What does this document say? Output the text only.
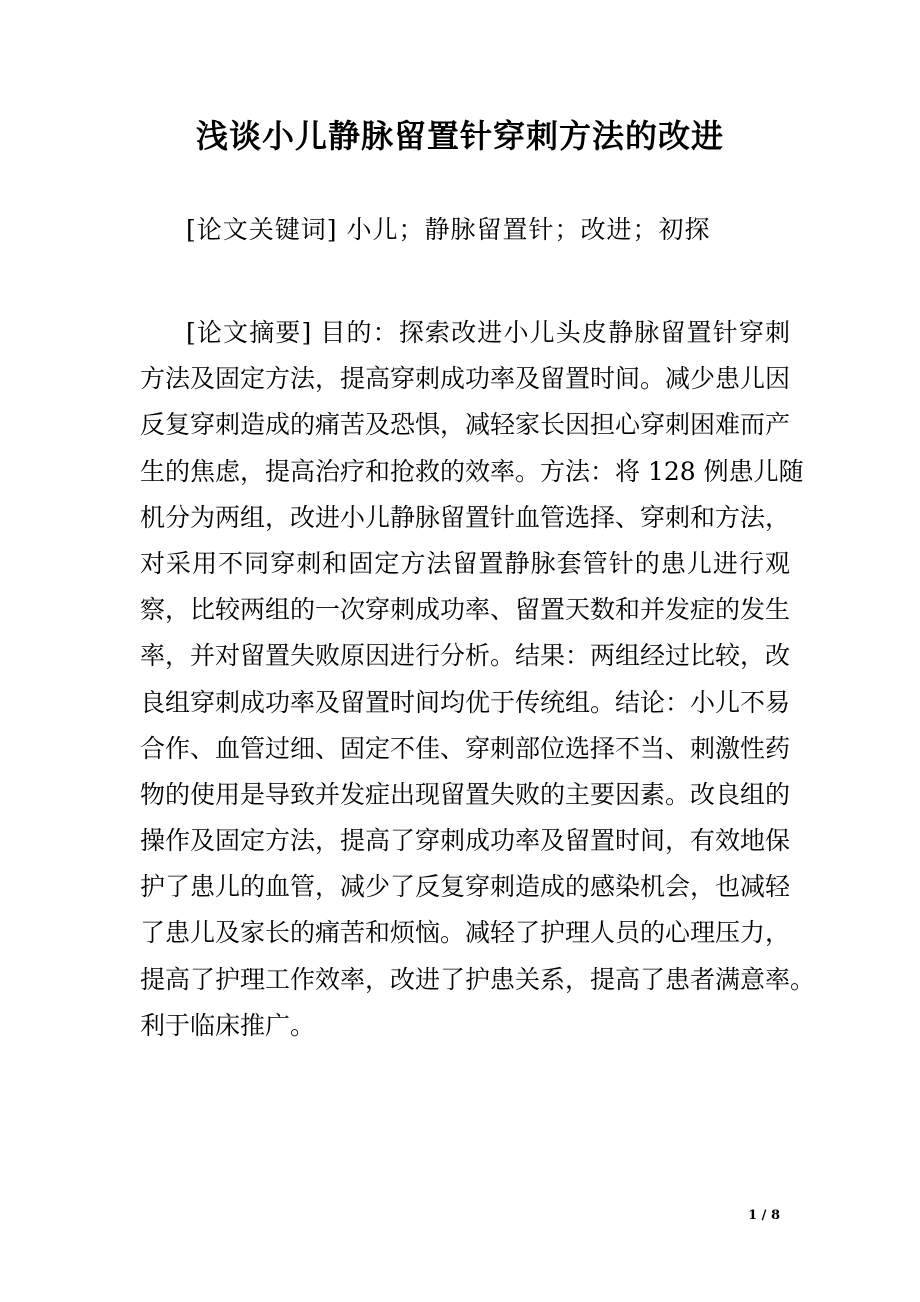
浅谈小儿静脉留置针穿刺方法的改进
[论文关键词] 小儿；静脉留置针；改进；初探
[论文摘要] 目的：探索改进小儿头皮静脉留置针穿刺
方法及固定方法，提高穿刺成功率及留置时间。减少患儿因
反复穿刺造成的痛苦及恐惧，减轻家长因担心穿刺困难而产
生的焦虑，提高治疗和抢救的效率。方法：将 128 例患儿随
机分为两组，改进小儿静脉留置针血管选择、穿刺和方法，
对采用不同穿刺和固定方法留置静脉套管针的患儿进行观
察，比较两组的一次穿刺成功率、留置天数和并发症的发生
率，并对留置失败原因进行分析。结果：两组经过比较，改
良组穿刺成功率及留置时间均优于传统组。结论：小儿不易
合作、血管过细、固定不佳、穿刺部位选择不当、刺激性药
物的使用是导致并发症出现留置失败的主要因素。改良组的
操作及固定方法，提高了穿刺成功率及留置时间，有效地保
护了患儿的血管，减少了反复穿刺造成的感染机会，也减轻
了患儿及家长的痛苦和烦恼。减轻了护理人员的心理压力，
提高了护理工作效率，改进了护患关系，提高了患者满意率。
利于临床推广。
1 / 8
